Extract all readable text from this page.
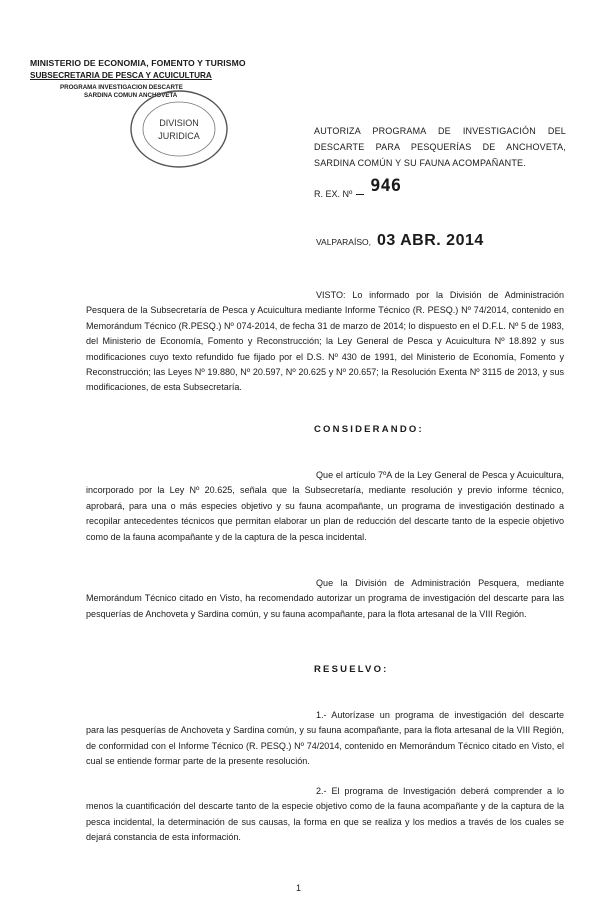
MINISTERIO DE ECONOMIA, FOMENTO Y TURISMO
SUBSECRETARIA DE PESCA Y ACUICULTURA
PROGRAMA INVESTIGACION DESCARTE
SARDINA COMUN ANCHOVETA
DIVISION
JURIDICA	AUTORIZA PROGRAMA DE INVESTIGACIÓN DEL DESCARTE PARA PESQUERÍAS DE ANCHOVETA, SARDINA COMÚN Y SU FAUNA ACOMPAÑANTE.
R. EX. Nº 946
VALPARAÍSO, 03 ABR. 2014
VISTO: Lo informado por la División de Administración Pesquera de la Subsecretaría de Pesca y Acuicultura mediante Informe Técnico (R. PESQ.) Nº 74/2014, contenido en Memorándum Técnico (R.PESQ.) Nº 074-2014, de fecha 31 de marzo de 2014; lo dispuesto en el D.F.L. Nº 5 de 1983, del Ministerio de Economía, Fomento y Reconstrucción; la Ley General de Pesca y Acuicultura Nº 18.892 y sus modificaciones cuyo texto refundido fue fijado por el D.S. Nº 430 de 1991, del Ministerio de Economía, Fomento y Reconstrucción; las Leyes Nº 19.880, Nº 20.597, Nº 20.625 y Nº 20.657; la Resolución Exenta Nº 3115 de 2013, y sus modificaciones, de esta Subsecretaría.
CONSIDERANDO:
Que el artículo 7ºA de la Ley General de Pesca y Acuicultura, incorporado por la Ley Nº 20.625, señala que la Subsecretaría, mediante resolución y previo informe técnico, aprobará, para una o más especies objetivo y su fauna acompañante, un programa de investigación destinado a recopilar antecedentes técnicos que permitan elaborar un plan de reducción del descarte tanto de la especie objetivo como de la fauna acompañante y de la captura de la pesca incidental.
Que la División de Administración Pesquera, mediante Memorándum Técnico citado en Visto, ha recomendado autorizar un programa de investigación del descarte para las pesquerías de Anchoveta y Sardina común, y su fauna acompañante, para la flota artesanal de la VIII Región.
RESUELVO:
1.- Autorízase un programa de investigación del descarte para las pesquerías de Anchoveta y Sardina común, y su fauna acompañante, para la flota artesanal de la VIII Región, de conformidad con el Informe Técnico (R. PESQ.) Nº 74/2014, contenido en Memorándum Técnico citado en Visto, el cual se entiende formar parte de la presente resolución.
2.- El programa de Investigación deberá comprender a lo menos la cuantificación del descarte tanto de la especie objetivo como de la fauna acompañante y de la captura de la pesca incidental, la determinación de sus causas, la forma en que se realiza y los medios a través de los cuales se dejará constancia de esta información.
1
